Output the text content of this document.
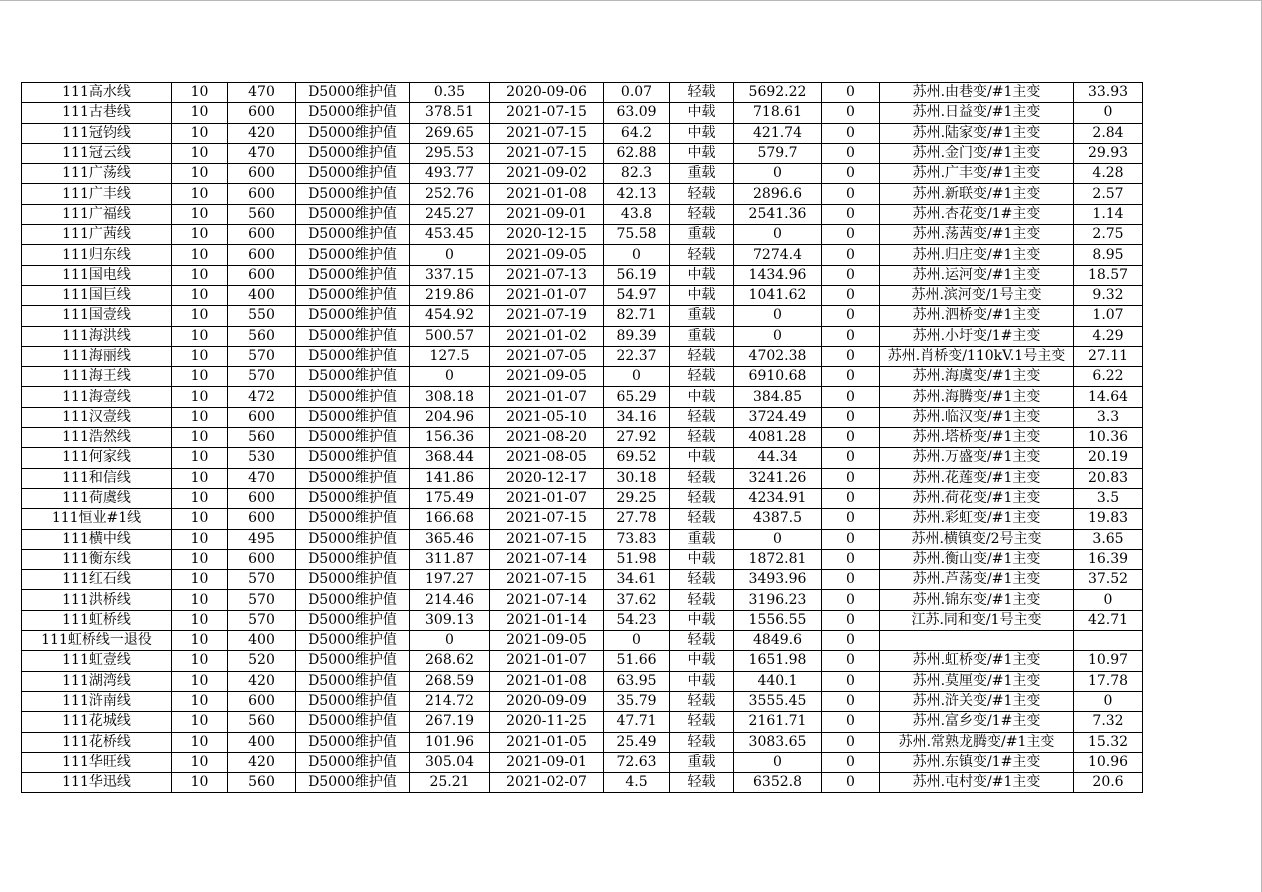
111高水线	10	470	D5000维护值	0.35	2020-09-06	0.07	轻载	5692.22	0	苏州.由巷变/#1主变	33.93
111古巷线	10	600	D5000维护值	378.51	2021-07-15	63.09	中载	718.61	0	苏州.日益变/#1主变	0
111冠钧线	10	420	D5000维护值	269.65	2021-07-15	64.2	中载	421.74	0	苏州.陆家变/#1主变	2.84
111冠云线	10	470	D5000维护值	295.53	2021-07-15	62.88	中载	579.7	0	苏州.金门变/#1主变	29.93
111广荡线	10	600	D5000维护值	493.77	2021-09-02	82.3	重载	0	0	苏州.广丰变/#1主变	4.28
111广丰线	10	600	D5000维护值	252.76	2021-01-08	42.13	轻载	2896.6	0	苏州.新联变/#1主变	2.57
111广福线	10	560	D5000维护值	245.27	2021-09-01	43.8	轻载	2541.36	0	苏州.杏花变/1#主变	1.14
111广茜线	10	600	D5000维护值	453.45	2020-12-15	75.58	重载	0	0	苏州.荡茜变/#1主变	2.75
111归东线	10	600	D5000维护值	0	2021-09-05	0	轻载	7274.4	0	苏州.归庄变/#1主变	8.95
111国电线	10	600	D5000维护值	337.15	2021-07-13	56.19	中载	1434.96	0	苏州.运河变/#1主变	18.57
111国巨线	10	400	D5000维护值	219.86	2021-01-07	54.97	中载	1041.62	0	苏州.滨河变/1号主变	9.32
111国壹线	10	550	D5000维护值	454.92	2021-07-19	82.71	重载	0	0	苏州.泗桥变/#1主变	1.07
111海洪线	10	560	D5000维护值	500.57	2021-01-02	89.39	重载	0	0	苏州.小圩变/1#主变	4.29
111海丽线	10	570	D5000维护值	127.5	2021-07-05	22.37	轻载	4702.38	0	苏州.肖桥变/110kV.1号主变	27.11
111海王线	10	570	D5000维护值	0	2021-09-05	0	轻载	6910.68	0	苏州.海虞变/#1主变	6.22
111海壹线	10	472	D5000维护值	308.18	2021-01-07	65.29	中载	384.85	0	苏州.海腾变/#1主变	14.64
111汉壹线	10	600	D5000维护值	204.96	2021-05-10	34.16	轻载	3724.49	0	苏州.临汉变/#1主变	3.3
111浩然线	10	560	D5000维护值	156.36	2021-08-20	27.92	轻载	4081.28	0	苏州.塔桥变/#1主变	10.36
111何家线	10	530	D5000维护值	368.44	2021-08-05	69.52	中载	44.34	0	苏州.万盛变/#1主变	20.19
111和信线	10	470	D5000维护值	141.86	2020-12-17	30.18	轻载	3241.26	0	苏州.花莲变/#1主变	20.83
111荷虞线	10	600	D5000维护值	175.49	2021-01-07	29.25	轻载	4234.91	0	苏州.荷花变/#1主变	3.5
111恒业#1线	10	600	D5000维护值	166.68	2021-07-15	27.78	轻载	4387.5	0	苏州.彩虹变/#1主变	19.83
111横中线	10	495	D5000维护值	365.46	2021-07-15	73.83	重载	0	0	苏州.横镇变/2号主变	3.65
111衡东线	10	600	D5000维护值	311.87	2021-07-14	51.98	中载	1872.81	0	苏州.衡山变/#1主变	16.39
111红石线	10	570	D5000维护值	197.27	2021-07-15	34.61	轻载	3493.96	0	苏州.芦荡变/#1主变	37.52
111洪桥线	10	570	D5000维护值	214.46	2021-07-14	37.62	轻载	3196.23	0	苏州.锦东变/#1主变	0
111虹桥线	10	570	D5000维护值	309.13	2021-01-14	54.23	中载	1556.55	0	江苏.同和变/1号主变	42.71
111虹桥线一退役	10	400	D5000维护值	0	2021-09-05	0	轻载	4849.6	0		
111虹壹线	10	520	D5000维护值	268.62	2021-01-07	51.66	中载	1651.98	0	苏州.虹桥变/#1主变	10.97
111湖湾线	10	420	D5000维护值	268.59	2021-01-08	63.95	中载	440.1	0	苏州.莫厘变/#1主变	17.78
111浒南线	10	600	D5000维护值	214.72	2020-09-09	35.79	轻载	3555.45	0	苏州.浒关变/#1主变	0
111花城线	10	560	D5000维护值	267.19	2020-11-25	47.71	轻载	2161.71	0	苏州.富乡变/1#主变	7.32
111花桥线	10	400	D5000维护值	101.96	2021-01-05	25.49	轻载	3083.65	0	苏州.常熟龙腾变/#1主变	15.32
111华旺线	10	420	D5000维护值	305.04	2021-09-01	72.63	重载	0	0	苏州.东镇变/1#主变	10.96
111华迅线	10	560	D5000维护值	25.21	2021-02-07	4.5	轻载	6352.8	0	苏州.屯村变/#1主变	20.6
